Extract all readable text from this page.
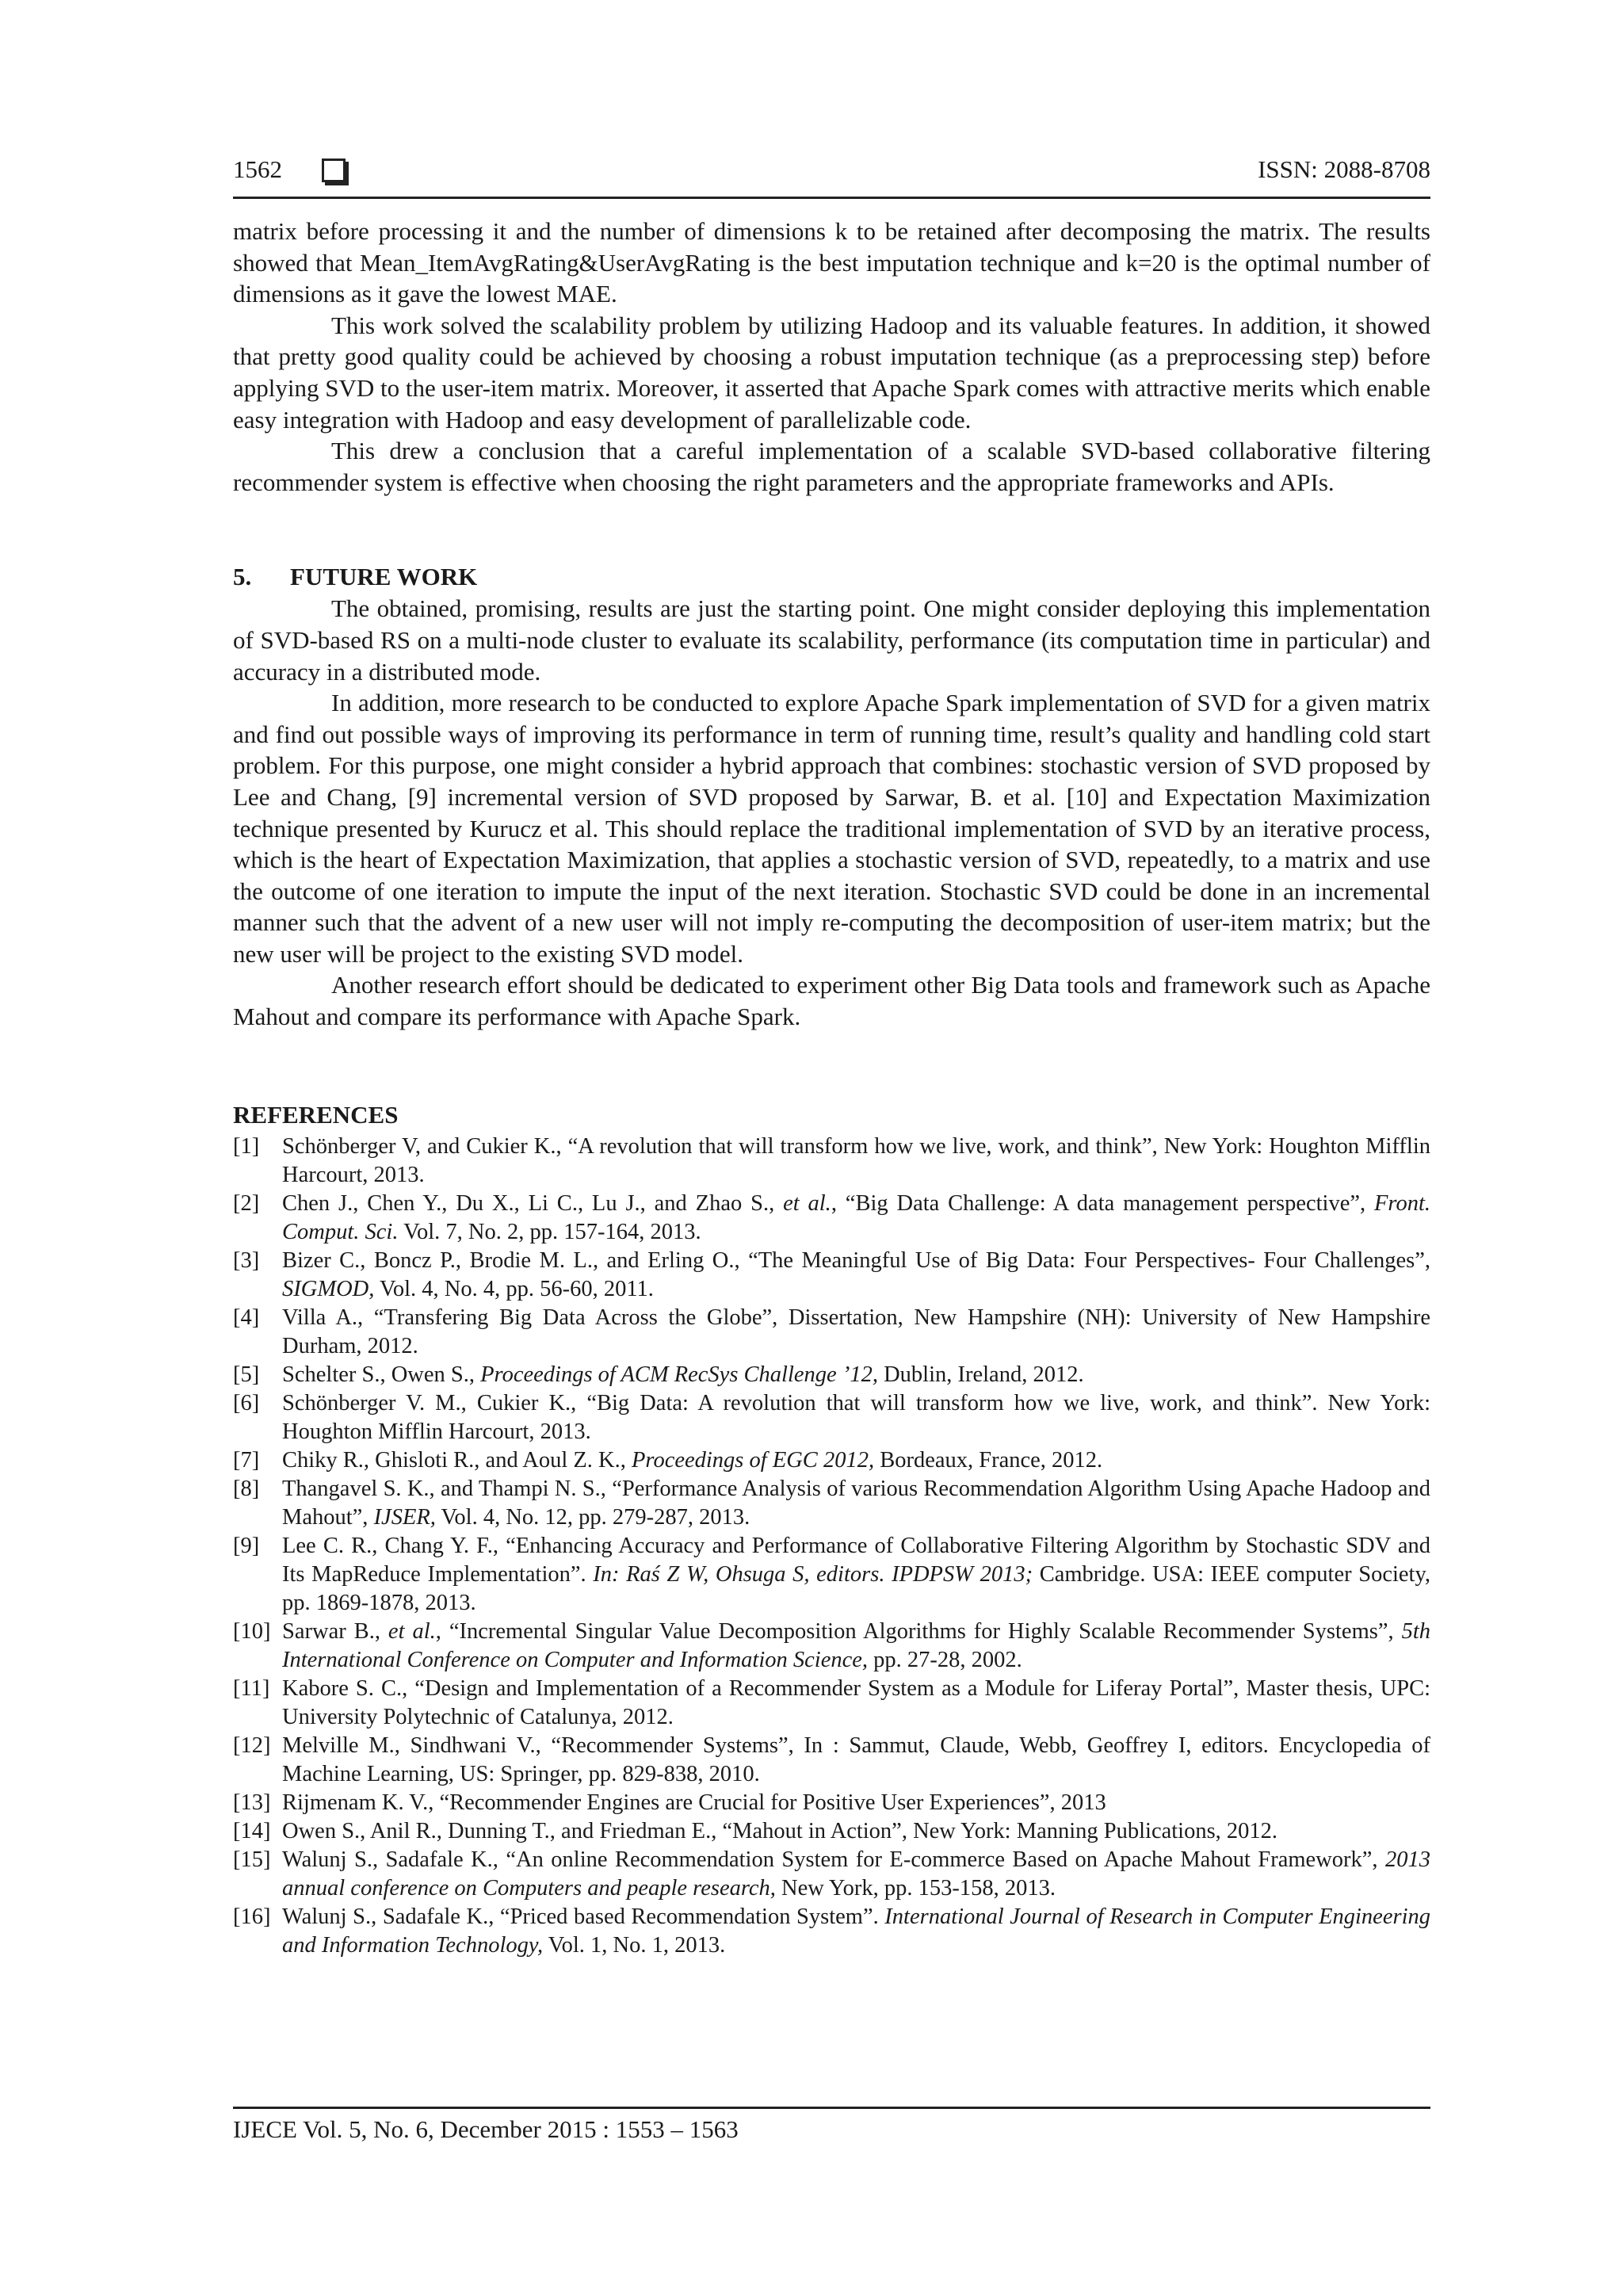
1562	ISSN: 2088-8708

matrix before processing it and the number of dimensions k to be retained after decomposing the matrix. The results showed that Mean_ItemAvgRating&UserAvgRating is the best imputation technique and k=20 is the optimal number of dimensions as it gave the lowest MAE.

This work solved the scalability problem by utilizing Hadoop and its valuable features. In addition, it showed that pretty good quality could be achieved by choosing a robust imputation technique (as a preprocessing step) before applying SVD to the user-item matrix. Moreover, it asserted that Apache Spark comes with attractive merits which enable easy integration with Hadoop and easy development of parallelizable code.

This drew a conclusion that a careful implementation of a scalable SVD-based collaborative filtering recommender system is effective when choosing the right parameters and the appropriate frameworks and APIs.

5. FUTURE WORK

The obtained, promising, results are just the starting point. One might consider deploying this implementation of SVD-based RS on a multi-node cluster to evaluate its scalability, performance (its computation time in particular) and accuracy in a distributed mode.

In addition, more research to be conducted to explore Apache Spark implementation of SVD for a given matrix and find out possible ways of improving its performance in term of running time, result’s quality and handling cold start problem. For this purpose, one might consider a hybrid approach that combines: stochastic version of SVD proposed by Lee and Chang, [9] incremental version of SVD proposed by Sarwar, B. et al. [10] and Expectation Maximization technique presented by Kurucz et al. This should replace the traditional implementation of SVD by an iterative process, which is the heart of Expectation Maximization, that applies a stochastic version of SVD, repeatedly, to a matrix and use the outcome of one iteration to impute the input of the next iteration. Stochastic SVD could be done in an incremental manner such that the advent of a new user will not imply re-computing the decomposition of user-item matrix; but the new user will be project to the existing SVD model.

Another research effort should be dedicated to experiment other Big Data tools and framework such as Apache Mahout and compare its performance with Apache Spark.

REFERENCES
[1] Schönberger V, and Cukier K., “A revolution that will transform how we live, work, and think”, New York: Houghton Mifflin Harcourt, 2013.
[2] Chen J., Chen Y., Du X., Li C., Lu J., and Zhao S., et al., “Big Data Challenge: A data management perspective”, Front. Comput. Sci. Vol. 7, No. 2, pp. 157-164, 2013.
[3] Bizer C., Boncz P., Brodie M. L., and Erling O., “The Meaningful Use of Big Data: Four Perspectives- Four Challenges”, SIGMOD, Vol. 4, No. 4, pp. 56-60, 2011.
[4] Villa A., “Transfering Big Data Across the Globe”, Dissertation, New Hampshire (NH): University of New Hampshire Durham, 2012.
[5] Schelter S., Owen S., Proceedings of ACM RecSys Challenge ’12, Dublin, Ireland, 2012.
[6] Schönberger V. M., Cukier K., “Big Data: A revolution that will transform how we live, work, and think”. New York: Houghton Mifflin Harcourt, 2013.
[7] Chiky R., Ghisloti R., and Aoul Z. K., Proceedings of EGC 2012, Bordeaux, France, 2012.
[8] Thangavel S. K., and Thampi N. S., “Performance Analysis of various Recommendation Algorithm Using Apache Hadoop and Mahout”, IJSER, Vol. 4, No. 12, pp. 279-287, 2013.
[9] Lee C. R., Chang Y. F., “Enhancing Accuracy and Performance of Collaborative Filtering Algorithm by Stochastic SDV and Its MapReduce Implementation”. In: Raś Z W, Ohsuga S, editors. IPDPSW 2013; Cambridge. USA: IEEE computer Society, pp. 1869-1878, 2013.
[10] Sarwar B., et al., “Incremental Singular Value Decomposition Algorithms for Highly Scalable Recommender Systems”, 5th International Conference on Computer and Information Science, pp. 27-28, 2002.
[11] Kabore S. C., “Design and Implementation of a Recommender System as a Module for Liferay Portal”, Master thesis, UPC: University Polytechnic of Catalunya, 2012.
[12] Melville M., Sindhwani V., “Recommender Systems”, In : Sammut, Claude, Webb, Geoffrey I, editors. Encyclopedia of Machine Learning, US: Springer, pp. 829-838, 2010.
[13] Rijmenam K. V., “Recommender Engines are Crucial for Positive User Experiences”, 2013
[14] Owen S., Anil R., Dunning T., and Friedman E., “Mahout in Action”, New York: Manning Publications, 2012.
[15] Walunj S., Sadafale K., “An online Recommendation System for E-commerce Based on Apache Mahout Framework”, 2013 annual conference on Computers and peaple research, New York, pp. 153-158, 2013.
[16] Walunj S., Sadafale K., “Priced based Recommendation System”. International Journal of Research in Computer Engineering and Information Technology, Vol. 1, No. 1, 2013.
IJECE Vol. 5, No. 6, December 2015 : 1553 – 1563
